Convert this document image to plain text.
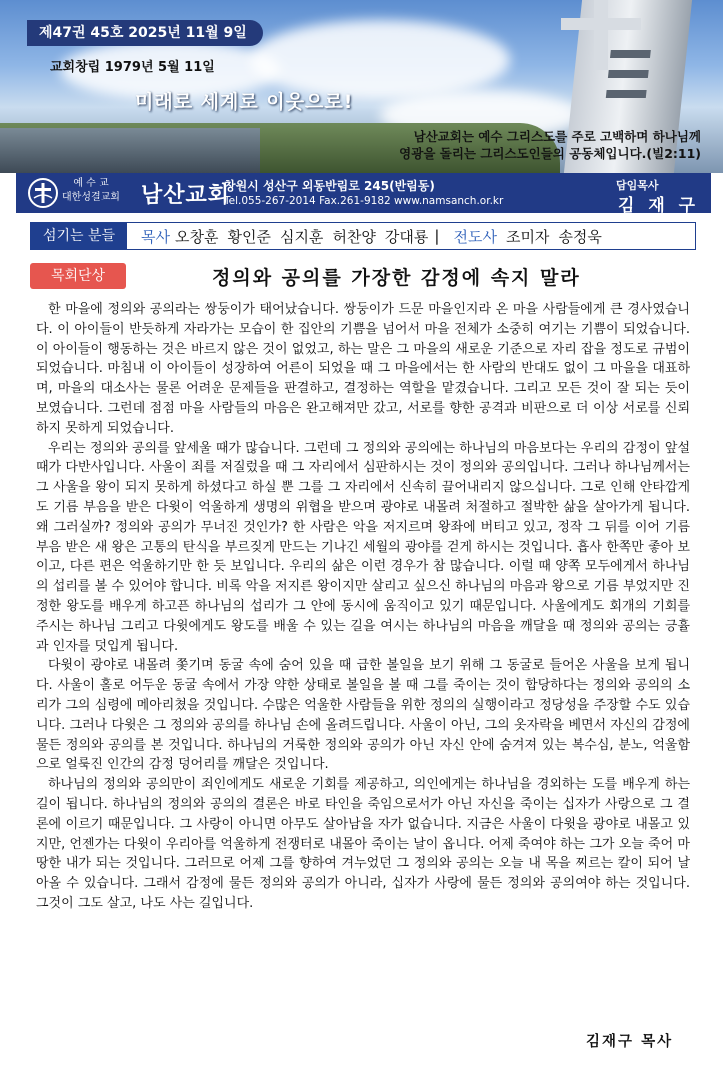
제47권 45호 2025년 11월 9일
교회창립 1979년 5월 11일
미래로 세계로 이웃으로!
남산교회는 예수 그리스도를 주로 고백하며 하나님께
영광을 돌리는 그리스도인들의 공동체입니다.(빌2:11)
예 수 교
대한성결교회 남산교회
창원시 성산구 외동반림로 245(반림동)
Tel.055-267-2014 Fax.261-9182 www.namsanch.or.kr
담임목사
김 재 구
섬기는 분들	목사 오창훈 황인준 심지훈 허찬양 강대룡 | 전도사 조미자 송정욱
목회단상	정의와 공의를 가장한 감정에 속지 말라

한 마을에 정의와 공의라는 쌍둥이가 태어났습니다. 쌍둥이가 드문 마을인지라 온 마을 사람들에게 큰 경사였습니다. 이 아이들이 반듯하게 자라가는 모습이 한 집안의 기쁨을 넘어서 마을 전체가 소중히 여기는 기쁨이 되었습니다. 이 아이들이 행동하는 것은 바르지 않은 것이 없었고, 하는 말은 그 마을의 새로운 기준으로 자리 잡을 정도로 규범이 되었습니다. 마침내 이 아이들이 성장하여 어른이 되었을 때 그 마을에서는 한 사람의 반대도 없이 그 마을을 대표하며, 마을의 대소사는 물론 어려운 문제들을 판결하고, 결정하는 역할을 맡겼습니다. 그리고 모든 것이 잘 되는 듯이 보였습니다. 그런데 점점 마을 사람들의 마음은 완고해져만 갔고, 서로를 향한 공격과 비판으로 더 이상 서로를 신뢰하지 못하게 되었습니다.

우리는 정의와 공의를 앞세울 때가 많습니다. 그런데 그 정의와 공의에는 하나님의 마음보다는 우리의 감정이 앞설 때가 다반사입니다. 사울이 죄를 저질렀을 때 그 자리에서 심판하시는 것이 정의와 공의입니다. 그러나 하나님께서는 그 사울을 왕이 되지 못하게 하셨다고 하실 뿐 그를 그 자리에서 신속히 끌어내리지 않으십니다. 그로 인해 안타깝게도 기름 부음을 받은 다윗이 억울하게 생명의 위협을 받으며 광야로 내몰려 처절하고 절박한 삶을 살아가게 됩니다. 왜 그러실까? 정의와 공의가 무너진 것인가? 한 사람은 악을 저지르며 왕좌에 버티고 있고, 정작 그 뒤를 이어 기름 부음 받은 새 왕은 고통의 탄식을 부르짖게 만드는 기나긴 세월의 광야를 걷게 하시는 것입니다. 흡사 한쪽만 좋아 보이고, 다른 편은 억울하기만 한 듯 보입니다. 우리의 삶은 이런 경우가 참 많습니다. 이럴 때 양쪽 모두에게서 하나님의 섭리를 볼 수 있어야 합니다. 비록 악을 저지른 왕이지만 살리고 싶으신 하나님의 마음과 왕으로 기름 부었지만 진정한 왕도를 배우게 하고픈 하나님의 섭리가 그 안에 동시에 움직이고 있기 때문입니다. 사울에게도 회개의 기회를 주시는 하나님 그리고 다윗에게도 왕도를 배울 수 있는 길을 여시는 하나님의 마음을 깨달을 때 정의와 공의는 긍휼과 인자를 덧입게 됩니다.

다윗이 광야로 내몰려 쫓기며 동굴 속에 숨어 있을 때 급한 볼일을 보기 위해 그 동굴로 들어온 사울을 보게 됩니다. 사울이 홀로 어두운 동굴 속에서 가장 약한 상태로 볼일을 볼 때 그를 죽이는 것이 합당하다는 정의와 공의의 소리가 그의 심령에 메아리쳤을 것입니다. 수많은 억울한 사람들을 위한 정의의 실행이라고 정당성을 주장할 수도 있습니다. 그러나 다윗은 그 정의와 공의를 하나님 손에 올려드립니다. 사울이 아닌, 그의 옷자락을 베면서 자신의 감정에 물든 정의와 공의를 본 것입니다. 하나님의 거룩한 정의와 공의가 아닌 자신 안에 숨겨져 있는 복수심, 분노, 억울함으로 얼룩진 인간의 감정 덩어리를 깨달은 것입니다.

하나님의 정의와 공의만이 죄인에게도 새로운 기회를 제공하고, 의인에게는 하나님을 경외하는 도를 배우게 하는 길이 됩니다. 하나님의 정의와 공의의 결론은 바로 타인을 죽임으로서가 아닌 자신을 죽이는 십자가 사랑으로 그 결론에 이르기 때문입니다. 그 사랑이 아니면 아무도 살아남을 자가 없습니다. 지금은 사울이 다윗을 광야로 내몰고 있지만, 언젠가는 다윗이 우리아를 억울하게 전쟁터로 내몰아 죽이는 날이 옵니다. 어제 죽여야 하는 그가 오늘 죽어 마땅한 내가 되는 것입니다. 그러므로 어제 그를 향하여 겨누었던 그 정의와 공의는 오늘 내 목을 찌르는 칼이 되어 날아올 수 있습니다. 그래서 감정에 물든 정의와 공의가 아니라, 십자가 사랑에 물든 정의와 공의여야 하는 것입니다. 그것이 그도 살고, 나도 사는 길입니다.

김재구 목사
